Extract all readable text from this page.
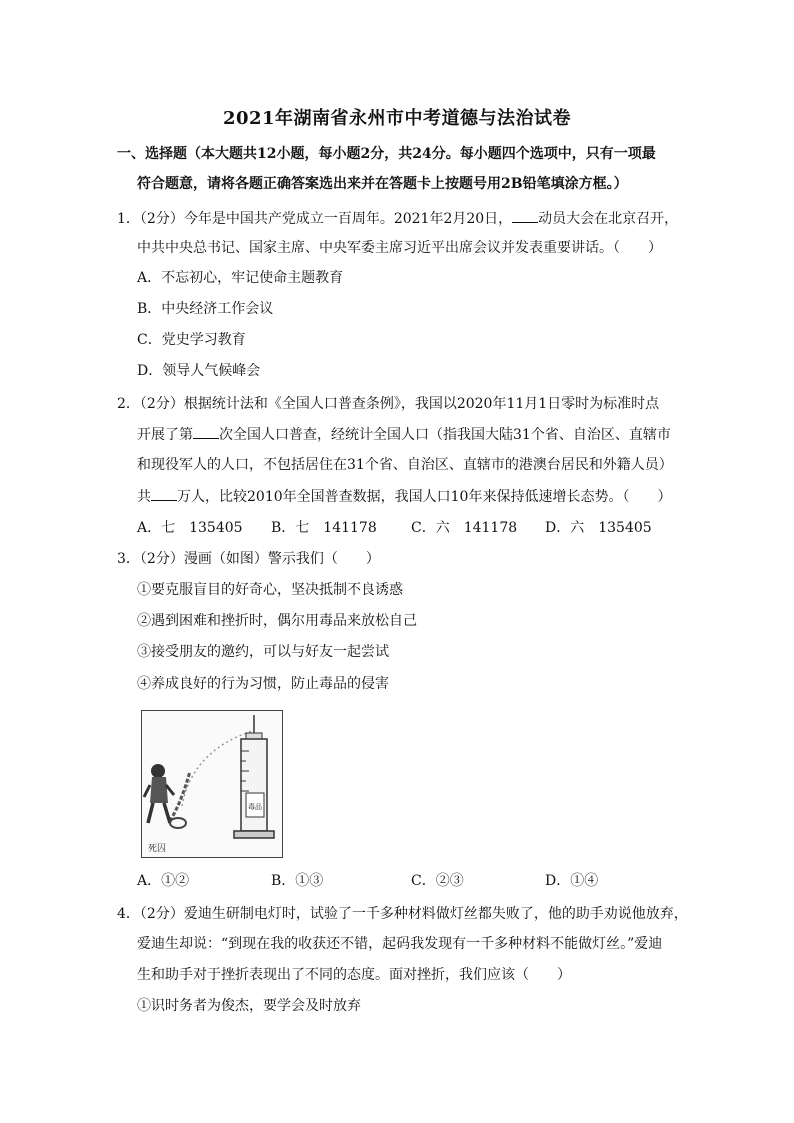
2021年湖南省永州市中考道德与法治试卷
一、选择题（本大题共12小题，每小题2分，共24分。每小题四个选项中，只有一项最
符合题意，请将各题正确答案选出来并在答题卡上按题号用2B铅笔填涂方框。）
1．（2分）今年是中国共产党成立一百周年。2021年2月20日， 动员大会在北京召开，
中共中央总书记、国家主席、中央军委主席习近平出席会议并发表重要讲话。（　　）
A．不忘初心，牢记使命主题教育
B．中央经济工作会议
C．党史学习教育
D．领导人气候峰会
2．（2分）根据统计法和《全国人口普查条例》，我国以2020年11月1日零时为标准时点
开展了第 次全国人口普查，经统计全国人口（指我国大陆31个省、自治区、直辖市
和现役军人的人口，不包括居住在31个省、自治区、直辖市的港澳台居民和外籍人员）
共 万人，比较2010年全国普查数据，我国人口10年来保持低速增长态势。（　　）
A．七　135405 B．七　141178 C．六　141178 D．六　135405
3．（2分）漫画（如图）警示我们（　　）
①要克服盲目的好奇心，坚决抵制不良诱惑
②遇到困难和挫折时，偶尔用毒品来放松自己
③接受朋友的邀约，可以与好友一起尝试
④养成良好的行为习惯，防止毒品的侵害
毒品
死囚
A．①②	B．①③	C．②③	D．①④
4．（2分）爱迪生研制电灯时，试验了一千多种材料做灯丝都失败了，他的助手劝说他放弃，
爱迪生却说：“到现在我的收获还不错，起码我发现有一千多种材料不能做灯丝。”爱迪
生和助手对于挫折表现出了不同的态度。面对挫折，我们应该（　　）
①识时务者为俊杰，要学会及时放弃
